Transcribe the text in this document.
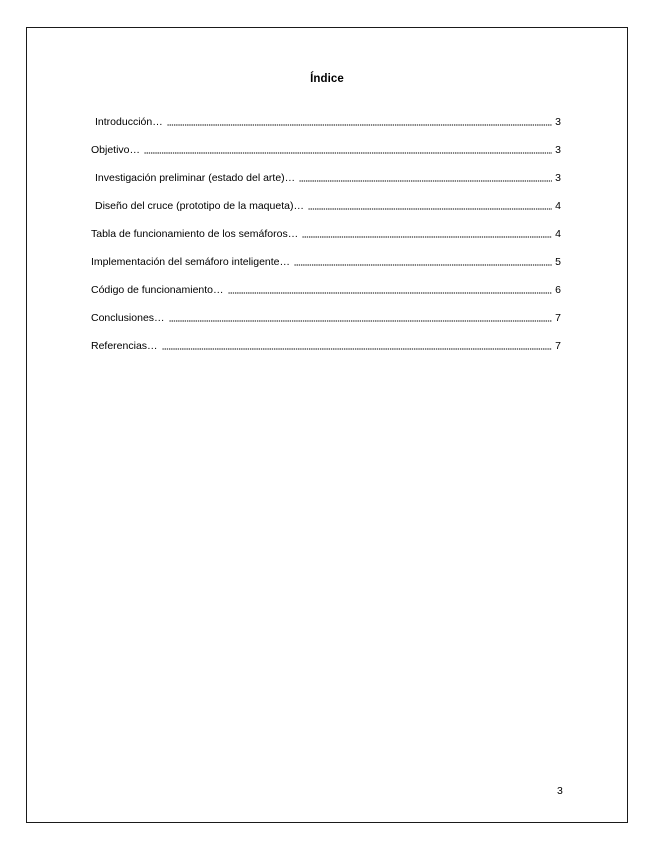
Índice
Introducción…	3
Objetivo…	3
Investigación preliminar (estado del arte)…	3
Diseño del cruce (prototipo de la maqueta)…	4
Tabla de funcionamiento de los semáforos…	4
Implementación del semáforo inteligente…	5
Código de funcionamiento…	6
Conclusiones…	7
Referencias…	7
3
